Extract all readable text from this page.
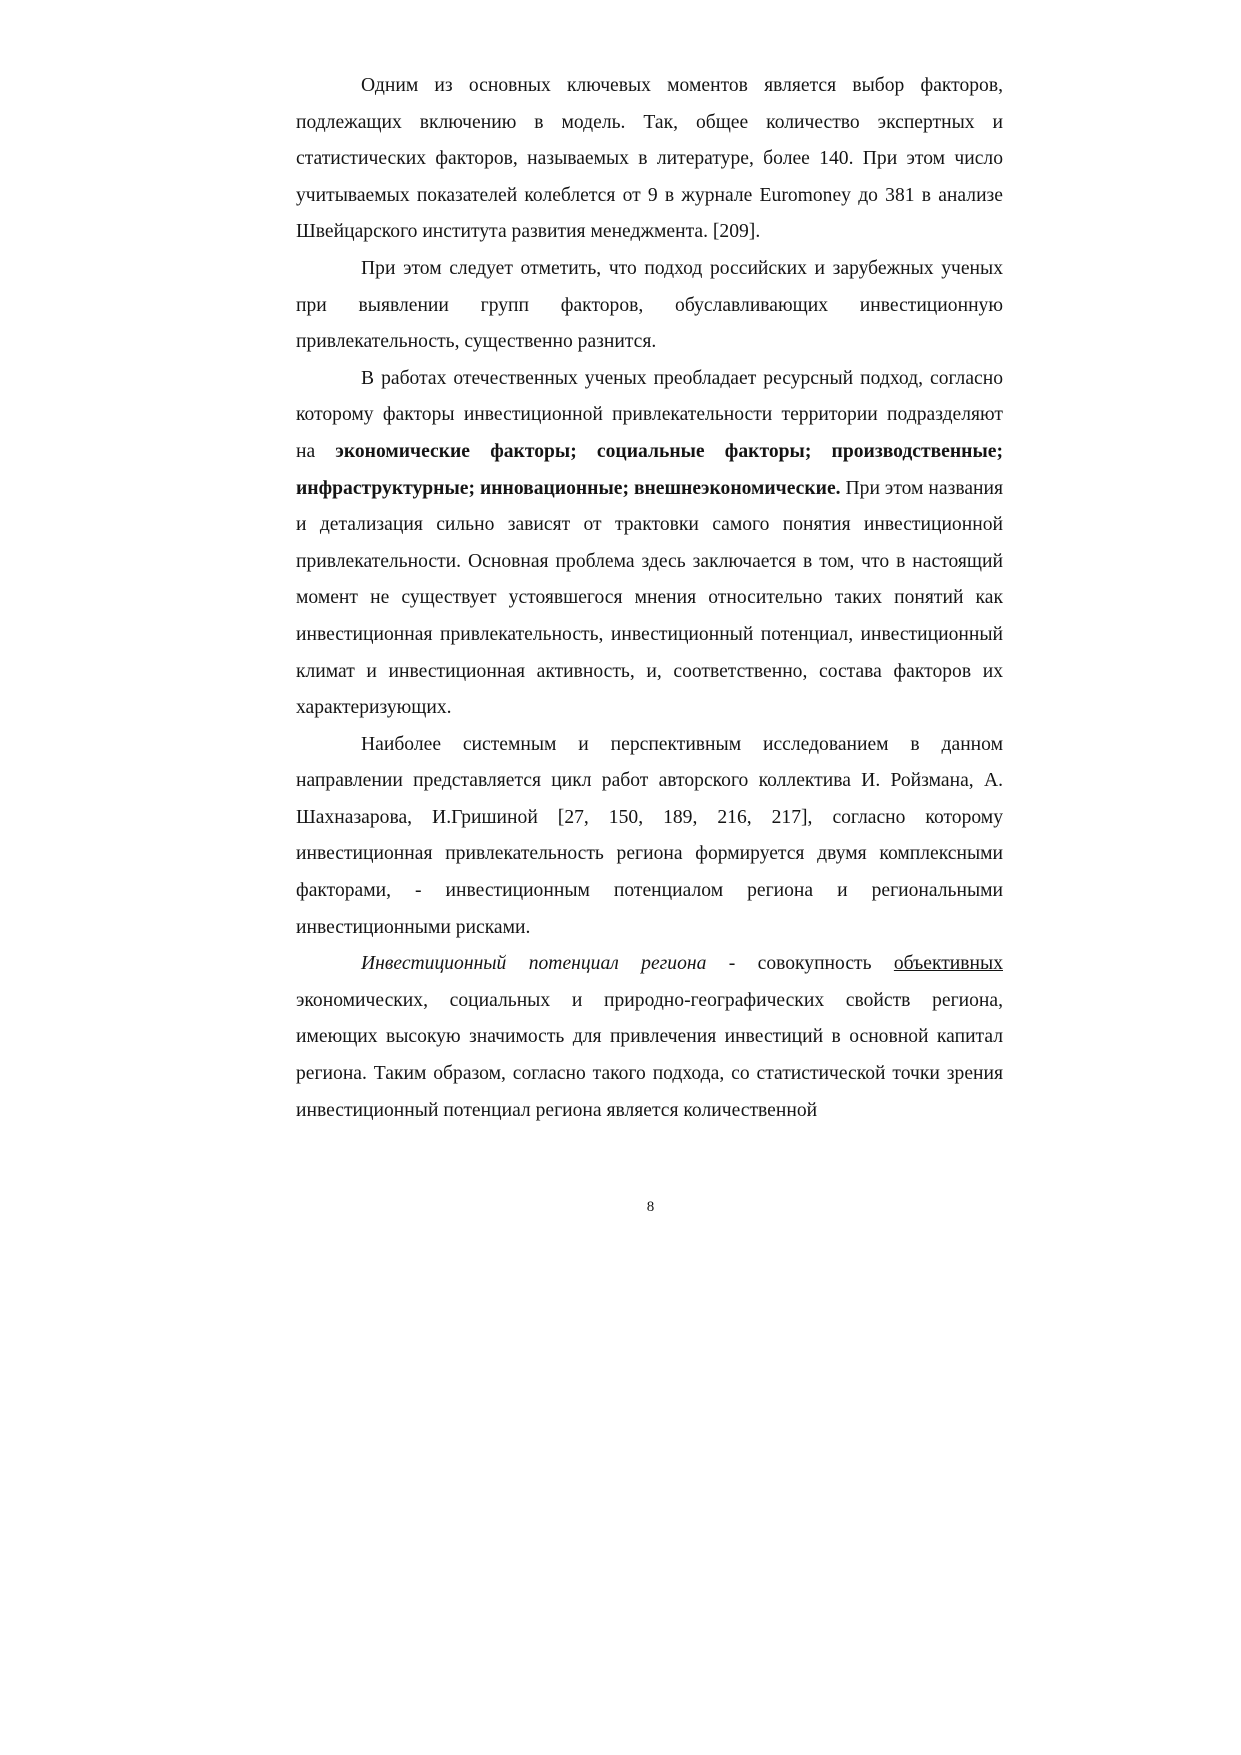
Одним из основных ключевых моментов является выбор факторов, подлежащих включению в модель. Так, общее количество экспертных и статистических факторов, называемых в литературе, более 140. При этом число учитываемых показателей колеблется от 9 в журнале Euromoney до 381 в анализе Швейцарского института развития менеджмента. [209].

При этом следует отметить, что подход российских и зарубежных ученых при выявлении групп факторов, обуславливающих инвестиционную привлекательность, существенно разнится.

В работах отечественных ученых преобладает ресурсный подход, согласно которому факторы инвестиционной привлекательности территории подразделяют на экономические факторы; социальные факторы; производственные; инфраструктурные; инновационные; внешнеэкономические. При этом названия и детализация сильно зависят от трактовки самого понятия инвестиционной привлекательности. Основная проблема здесь заключается в том, что в настоящий момент не существует устоявшегося мнения относительно таких понятий как инвестиционная привлекательность, инвестиционный потенциал, инвестиционный климат и инвестиционная активность, и, соответственно, состава факторов их характеризующих.

Наиболее системным и перспективным исследованием в данном направлении представляется цикл работ авторского коллектива И. Ройзмана, А. Шахназарова, И.Гришиной [27, 150, 189, 216, 217], согласно которому инвестиционная привлекательность региона формируется двумя комплексными факторами, - инвестиционным потенциалом региона и региональными инвестиционными рисками.

Инвестиционный потенциал региона - совокупность объективных экономических, социальных и природно-географических свойств региона, имеющих высокую значимость для привлечения инвестиций в основной капитал региона. Таким образом, согласно такого подхода, со статистической точки зрения инвестиционный потенциал региона является количественной

8
